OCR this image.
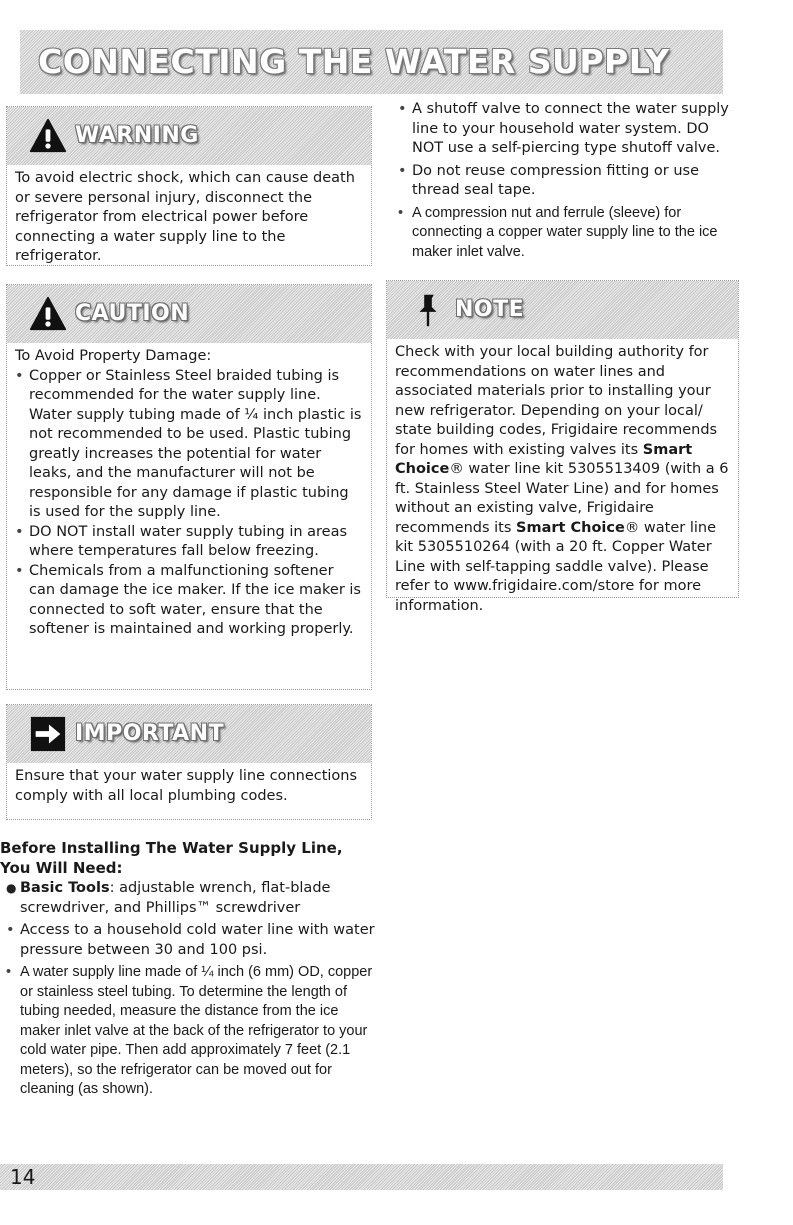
CONNECTING THE WATER SUPPLY
WARNING

To avoid electric shock, which can cause death or severe personal injury, disconnect the refrigerator from electrical power before connecting a water supply line to the refrigerator.

CAUTION

To Avoid Property Damage:

• Copper or Stainless Steel braided tubing is recommended for the water supply line. Water supply tubing made of ¼ inch plastic is not recommended to be used. Plastic tubing greatly increases the potential for water leaks, and the manufacturer will not be responsible for any damage if plastic tubing is used for the supply line.
• DO NOT install water supply tubing in areas where temperatures fall below freezing.
• Chemicals from a malfunctioning softener can damage the ice maker. If the ice maker is connected to soft water, ensure that the softener is maintained and working properly.
IMPORTANT

Ensure that your water supply line connections comply with all local plumbing codes.

Before Installing The Water Supply Line, You Will Need:
● Basic Tools: adjustable wrench, flat-blade screwdriver, and Phillips™ screwdriver
• Access to a household cold water line with water pressure between 30 and 100 psi.
• A water supply line made of ¼ inch (6 mm) OD, copper or stainless steel tubing. To determine the length of tubing needed, measure the distance from the ice maker inlet valve at the back of the refrigerator to your cold water pipe. Then add approximately 7 feet (2.1 meters), so the refrigerator can be moved out for cleaning (as shown).
• A shutoff valve to connect the water supply line to your household water system. DO NOT use a self-piercing type shutoff valve.
• Do not reuse compression fitting or use thread seal tape.
• A compression nut and ferrule (sleeve) for connecting a copper water supply line to the ice maker inlet valve.
NOTE

Check with your local building authority for recommendations on water lines and associated materials prior to installing your new refrigerator. Depending on your local/ state building codes, Frigidaire recommends for homes with existing valves its Smart Choice® water line kit 5305513409 (with a 6 ft. Stainless Steel Water Line) and for homes without an existing valve, Frigidaire recommends its Smart Choice® water line kit 5305510264 (with a 20 ft. Copper Water Line with self-tapping saddle valve). Please refer to www.frigidaire.com/store for more information.

14
